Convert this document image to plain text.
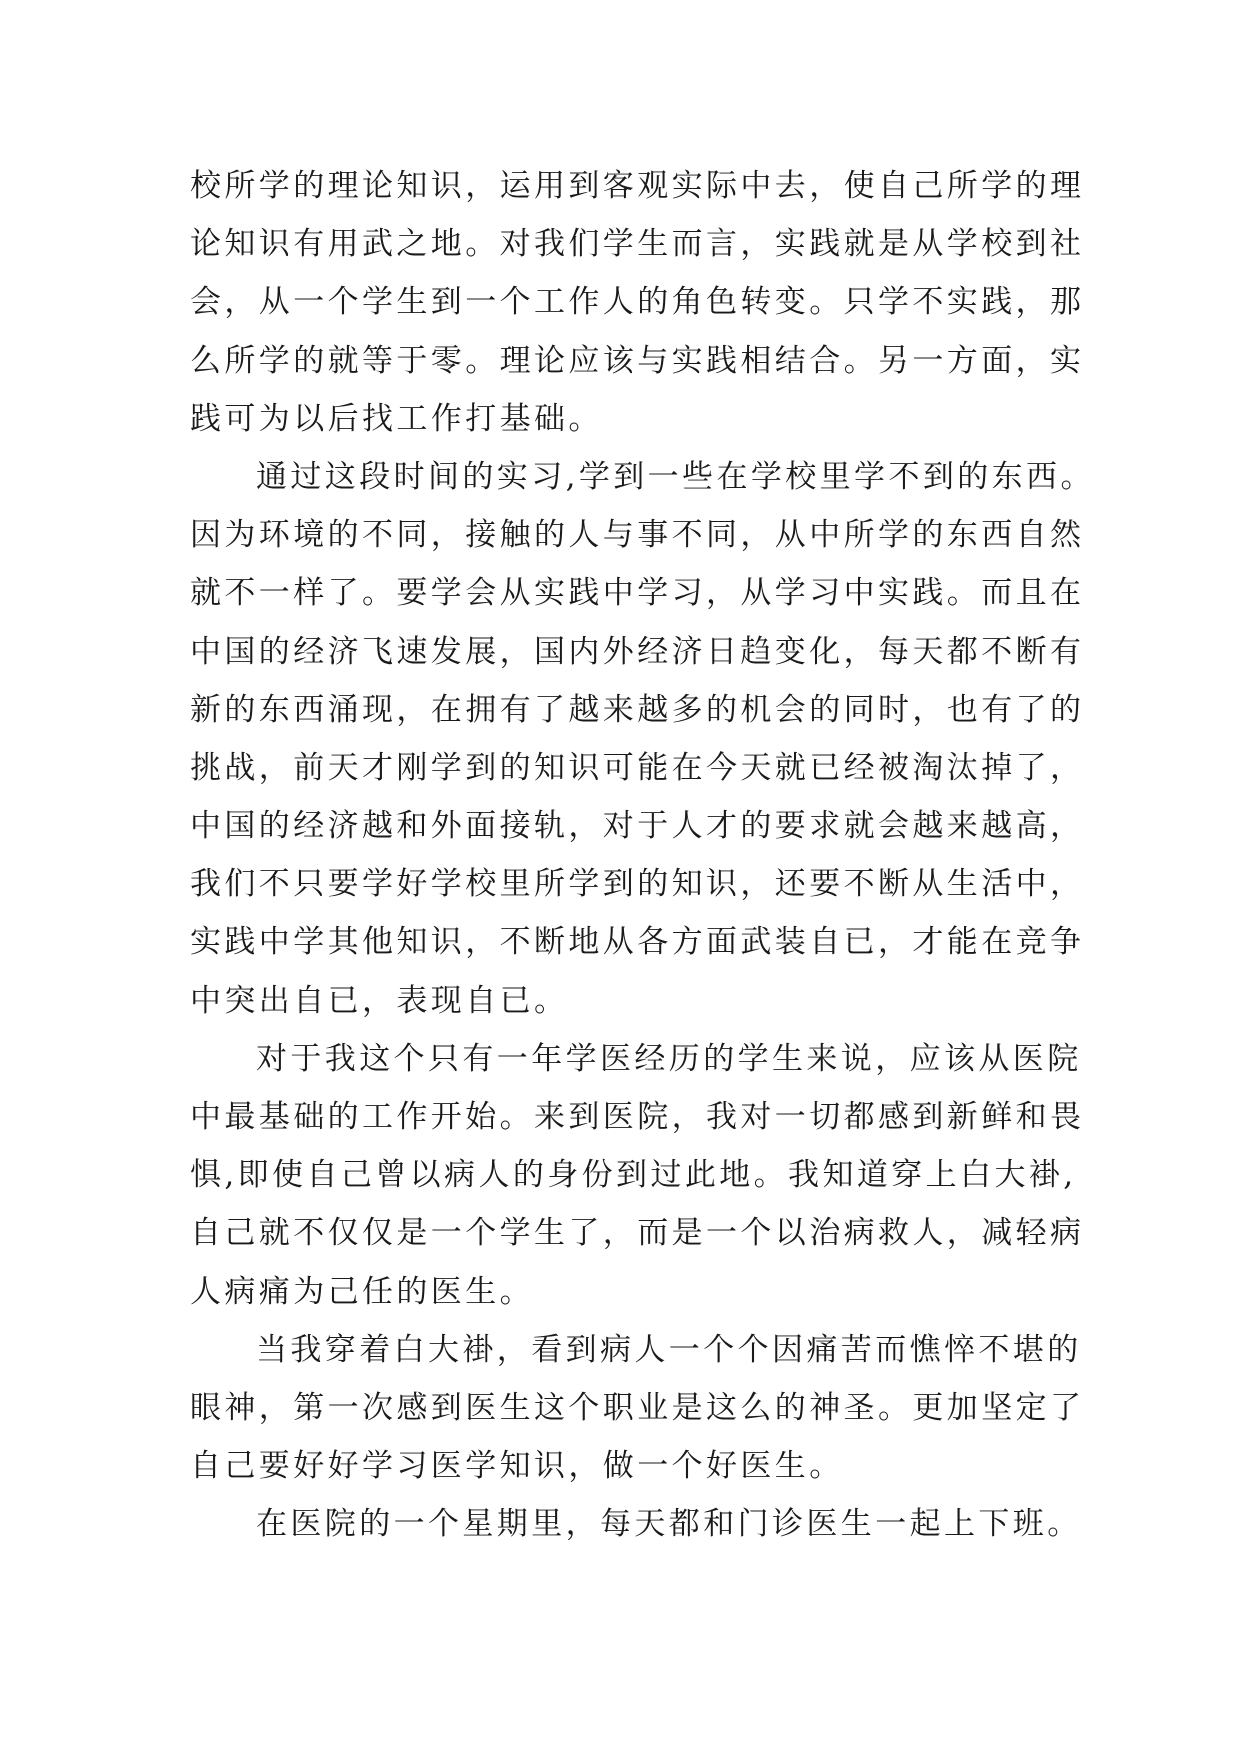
校所学的理论知识，运用到客观实际中去，使自己所学的理
论知识有用武之地。对我们学生而言，实践就是从学校到社
会，从一个学生到一个工作人的角色转变。只学不实践，那
么所学的就等于零。理论应该与实践相结合。另一方面，实
践可为以后找工作打基础。
通过这段时间的实习,学到一些在学校里学不到的东西。
因为环境的不同，接触的人与事不同，从中所学的东西自然
就不一样了。要学会从实践中学习，从学习中实践。而且在
中国的经济飞速发展，国内外经济日趋变化，每天都不断有
新的东西涌现，在拥有了越来越多的机会的同时，也有了的
挑战，前天才刚学到的知识可能在今天就已经被淘汰掉了，
中国的经济越和外面接轨，对于人才的要求就会越来越高，
我们不只要学好学校里所学到的知识，还要不断从生活中，
实践中学其他知识，不断地从各方面武装自已，才能在竞争
中突出自已，表现自已。
对于我这个只有一年学医经历的学生来说，应该从医院
中最基础的工作开始。来到医院，我对一切都感到新鲜和畏
惧,即使自己曾以病人的身份到过此地。我知道穿上白大褂,
自己就不仅仅是一个学生了，而是一个以治病救人，减轻病
人病痛为己任的医生。
当我穿着白大褂，看到病人一个个因痛苦而憔悴不堪的
眼神，第一次感到医生这个职业是这么的神圣。更加坚定了
自己要好好学习医学知识，做一个好医生。
在医院的一个星期里，每天都和门诊医生一起上下班。
